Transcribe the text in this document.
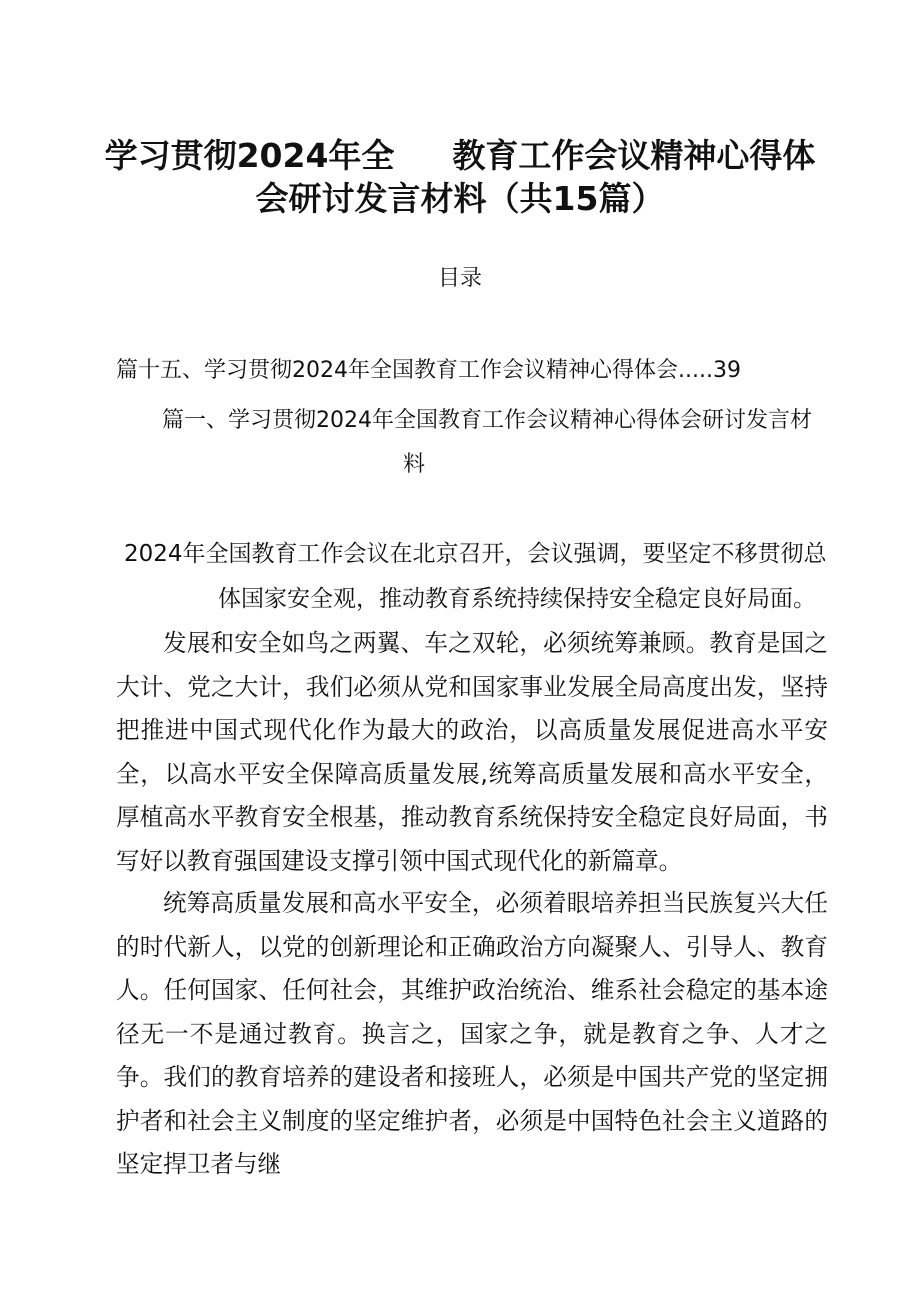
学习贯彻2024年全 教育工作会议精神心得体
会研讨发言材料（共15篇）
目录
篇十五、学习贯彻2024年全国教育工作会议精神心得体会.....39
篇一、学习贯彻2024年全国教育工作会议精神心得体会研讨发言材
料
2024年全国教育工作会议在北京召开，会议强调，要坚定不移贯彻总
体国家安全观，推动教育系统持续保持安全稳定良好局面。

发展和安全如鸟之两翼、车之双轮，必须统筹兼顾。教育是国之大计、党之大计，我们必须从党和国家事业发展全局高度出发，坚持把推进中国式现代化作为最大的政治，以高质量发展促进高水平安全，以高水平安全保障高质量发展,统筹高质量发展和高水平安全，厚植高水平教育安全根基，推动教育系统保持安全稳定良好局面，书写好以教育强国建设支撑引领中国式现代化的新篇章。

统筹高质量发展和高水平安全，必须着眼培养担当民族复兴大任的时代新人，以党的创新理论和正确政治方向凝聚人、引导人、教育人。任何国家、任何社会，其维护政治统治、维系社会稳定的基本途径无一不是通过教育。换言之，国家之争，就是教育之争、人才之争。我们的教育培养的建设者和接班人，必须是中国共产党的坚定拥护者和社会主义制度的坚定维护者，必须是中国特色社会主义道路的坚定捍卫者与继
